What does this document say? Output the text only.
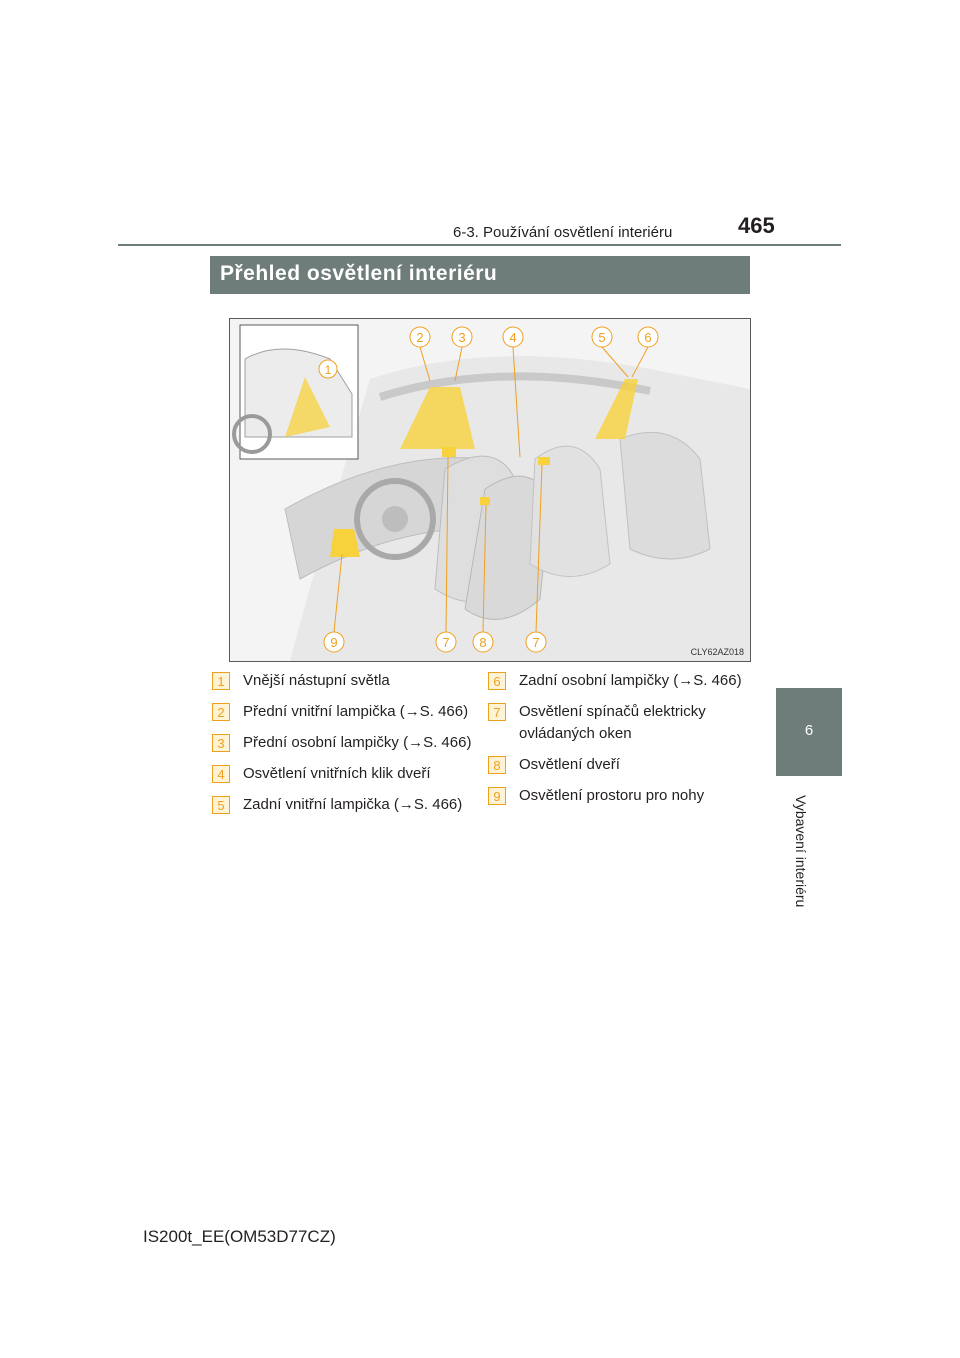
6-3. Používání osvětlení interiéru	465
6
Vybavení interiéru
Přehled osvětlení interiéru
1
2	3	4	5	6
9	7 8	7
CLY62AZ018
1	Vnější nástupní světla
2	Přední vnitřní lampička (→S. 466)
3	Přední osobní lampičky (→S. 466)
4	Osvětlení vnitřních klik dveří
5	Zadní vnitřní lampička (→S. 466)
6	Zadní osobní lampičky (→S. 466)
7	Osvětlení spínačů elektricky ovládaných oken
8	Osvětlení dveří
9	Osvětlení prostoru pro nohy
IS200t_EE(OM53D77CZ)
